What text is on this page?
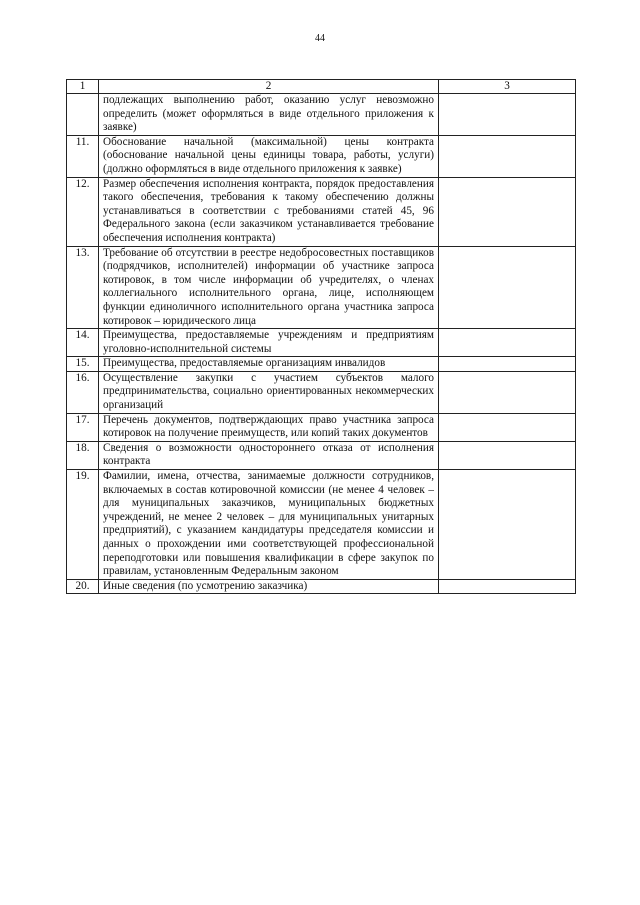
44
1	2	3
	подлежащих выполнению работ, оказанию услуг невозможно определить (может оформляться в виде отдельного приложения к заявке)	
11.	Обоснование начальной (максимальной) цены контракта (обоснование начальной цены единицы товара, работы, услуги) (должно оформляться в виде отдельного приложения к заявке)	
12.	Размер обеспечения исполнения контракта, порядок предоставления такого обеспечения, требования к такому обеспечению должны устанавливаться в соответствии с требованиями статей 45, 96 Федерального закона (если заказчиком устанавливается требование обеспечения исполнения контракта)	
13.	Требование об отсутствии в реестре недобросовестных поставщиков (подрядчиков, исполнителей) информации об участнике запроса котировок, в том числе информации об учредителях, о членах коллегиального исполнительного органа, лице, исполняющем функции единоличного исполнительного органа участника запроса котировок – юридического лица	
14.	Преимущества, предоставляемые учреждениям и предприятиям уголовно-исполнительной системы	
15.	Преимущества, предоставляемые организациям инвалидов	
16.	Осуществление закупки с участием субъектов малого предпринимательства, социально ориентированных некоммерческих организаций	
17.	Перечень документов, подтверждающих право участника запроса котировок на получение преимуществ, или копий таких документов	
18.	Сведения о возможности одностороннего отказа от исполнения контракта	
19.	Фамилии, имена, отчества, занимаемые должности сотрудников, включаемых в состав котировочной комиссии (не менее 4 человек – для муниципальных заказчиков, муниципальных бюджетных учреждений, не менее 2 человек – для муниципальных унитарных предприятий), с указанием кандидатуры председателя комиссии и данных о прохождении ими соответствующей профессиональной переподготовки или повышения квалификации в сфере закупок по правилам, установленным Федеральным законом	
20.	Иные сведения (по усмотрению заказчика)	
